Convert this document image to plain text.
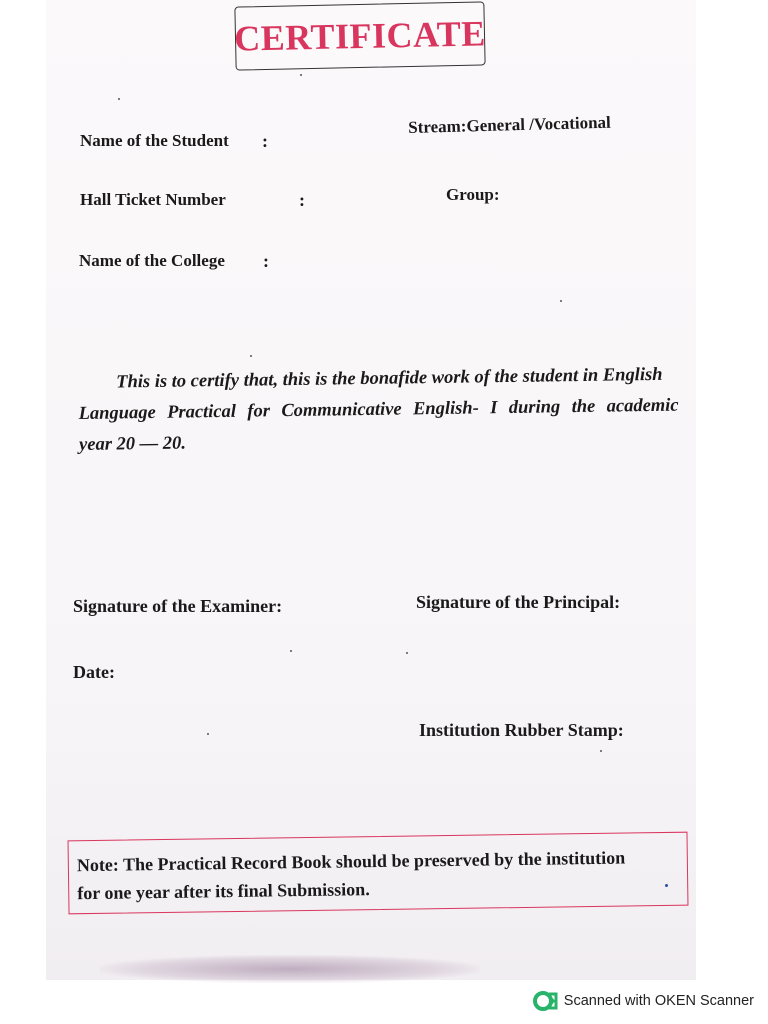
CERTIFICATE
Name of the Student :
Hall Ticket Number	:
Name of the College :
Stream:General /Vocational
Group:
This is to certify that, this is the bonafide work of the student in English
Language Practical for Communicative English- I during the academic
year 20 — 20.
Signature of the Examiner:	Signature of the Principal:
Date:
Institution Rubber Stamp:
Note: The Practical Record Book should be preserved by the institution
for one year after its final Submission.
Scanned with OKEN Scanner
